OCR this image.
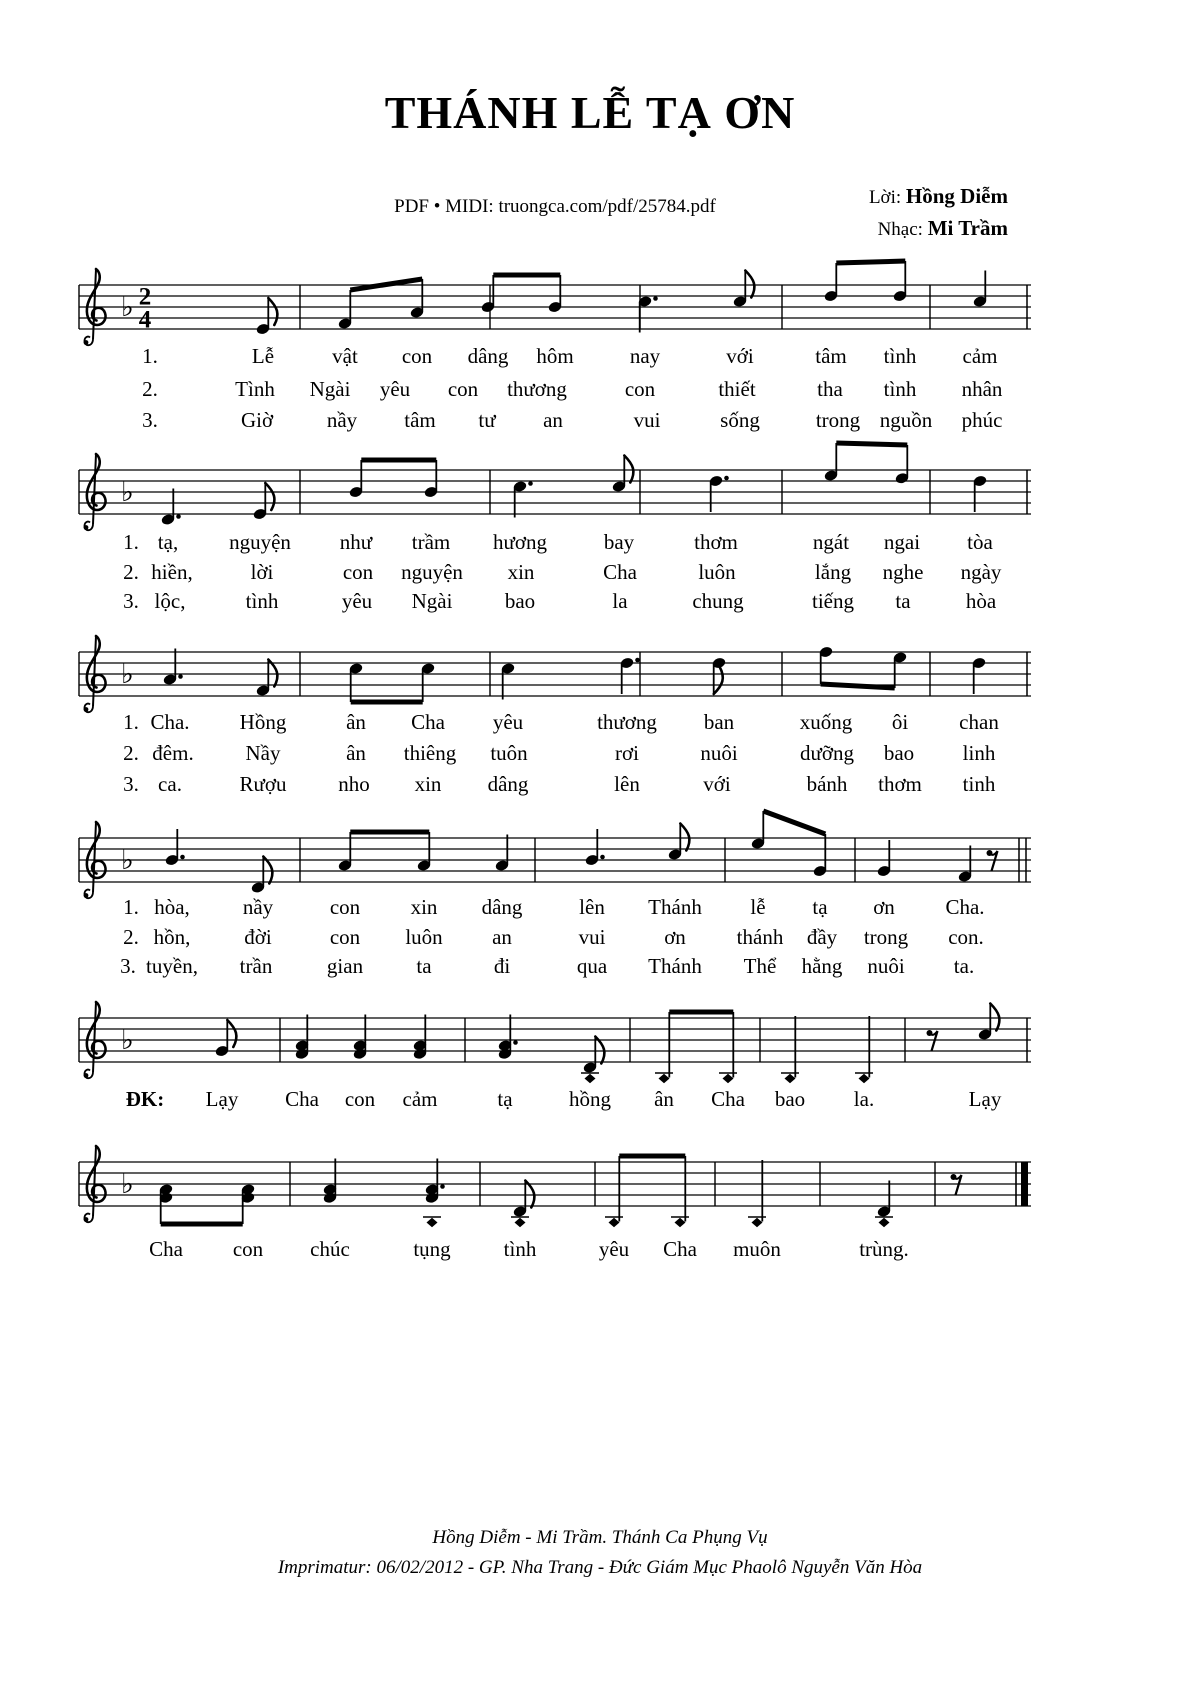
THÁNH LỄ TẠ ƠN
PDF • MIDI: truongca.com/pdf/25784.pdf	Lời: Hồng Diễm
Nhạc: Mi Trầm
♭ 2
4
♭
♭
♭
♭
♭
1.	Lễ	vật con dâng hôm	nay	với	tâm tình cảm
2.	Tình Ngài yêu con thương	con	thiết	tha tình nhân
3.	Giờ	nầy tâm tư an	vui	sống	trong nguồn phúc
1. tạ, nguyện như trầm hương	bay	thơm	ngát ngai tòa
2. hiền,	lời	con nguyện xin	Cha	luôn	lắng nghe ngày
3. lộc,	tình	yêu Ngài bao	la	chung	tiếng ta	hòa
1. Cha. Hồng	ân Cha yêu	thương ban	xuống ôi chan
2. đêm. Nầy	ân thiêng tuôn	rơi	nuôi	dưỡng bao linh
3. ca.	Rượu nho xin dâng	lên	với	bánh thơm tinh
1. hòa,	nầy	con xin dâng	lên Thánh lễ tạ ơn Cha.
2. hồn,	đời	con luôn an	vui	ơn thánh đầy trong con.
3. tuyền, trần	gian	ta	đi	qua Thánh Thể hằng nuôi ta.
ĐK: Lạy Cha con cảm	tạ	hồng ân Cha bao la.	Lạy
Cha con chúc	tụng	tình	yêu Cha muôn	trùng.
Hồng Diễm - Mi Trầm. Thánh Ca Phụng Vụ
Imprimatur: 06/02/2012 - GP. Nha Trang - Đức Giám Mục Phaolô Nguyễn Văn Hòa
